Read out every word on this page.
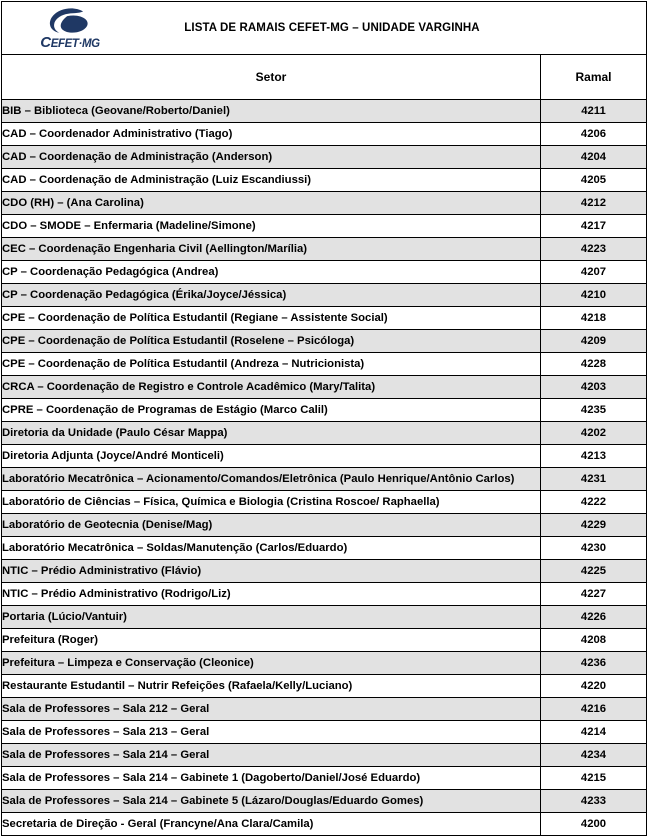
CEFET·MG
LISTA DE RAMAIS CEFET-MG – UNIDADE VARGINHA	

Setor	Ramal
BIB – Biblioteca (Geovane/Roberto/Daniel)	4211
CAD – Coordenador Administrativo (Tiago)	4206
CAD – Coordenação de Administração (Anderson)	4204
CAD – Coordenação de Administração (Luiz Escandiussi)	4205
CDO (RH) – (Ana Carolina)	4212
CDO – SMODE – Enfermaria (Madeline/Simone)	4217
CEC – Coordenação Engenharia Civil (Aellington/Marília)	4223
CP – Coordenação Pedagógica (Andrea)	4207
CP – Coordenação Pedagógica (Érika/Joyce/Jéssica)	4210
CPE – Coordenação de Política Estudantil (Regiane – Assistente Social)	4218
CPE – Coordenação de Política Estudantil (Roselene – Psicóloga)	4209
CPE – Coordenação de Política Estudantil (Andreza – Nutricionista)	4228
CRCA – Coordenação de Registro e Controle Acadêmico (Mary/Talita)	4203
CPRE – Coordenação de Programas de Estágio (Marco Calil)	4235
Diretoria da Unidade (Paulo César Mappa)	4202
Diretoria Adjunta (Joyce/André Monticeli)	4213
Laboratório Mecatrônica – Acionamento/Comandos/Eletrônica (Paulo Henrique/Antônio Carlos)	4231
Laboratório de Ciências – Física, Química e Biologia (Cristina Roscoe/ Raphaella)	4222
Laboratório de Geotecnia (Denise/Mag)	4229
Laboratório Mecatrônica – Soldas/Manutenção (Carlos/Eduardo)	4230
NTIC – Prédio Administrativo (Flávio)	4225
NTIC – Prédio Administrativo (Rodrigo/Liz)	4227
Portaria (Lúcio/Vantuir)	4226
Prefeitura (Roger)	4208
Prefeitura – Limpeza e Conservação (Cleonice)	4236
Restaurante Estudantil – Nutrir Refeições (Rafaela/Kelly/Luciano)	4220
Sala de Professores – Sala 212 – Geral	4216
Sala de Professores – Sala 213 – Geral	4214
Sala de Professores – Sala 214 – Geral	4234
Sala de Professores – Sala 214 – Gabinete 1 (Dagoberto/Daniel/José Eduardo)	4215
Sala de Professores – Sala 214 – Gabinete 5 (Lázaro/Douglas/Eduardo Gomes)	4233
Secretaria de Direção - Geral (Francyne/Ana Clara/Camila)	4200
